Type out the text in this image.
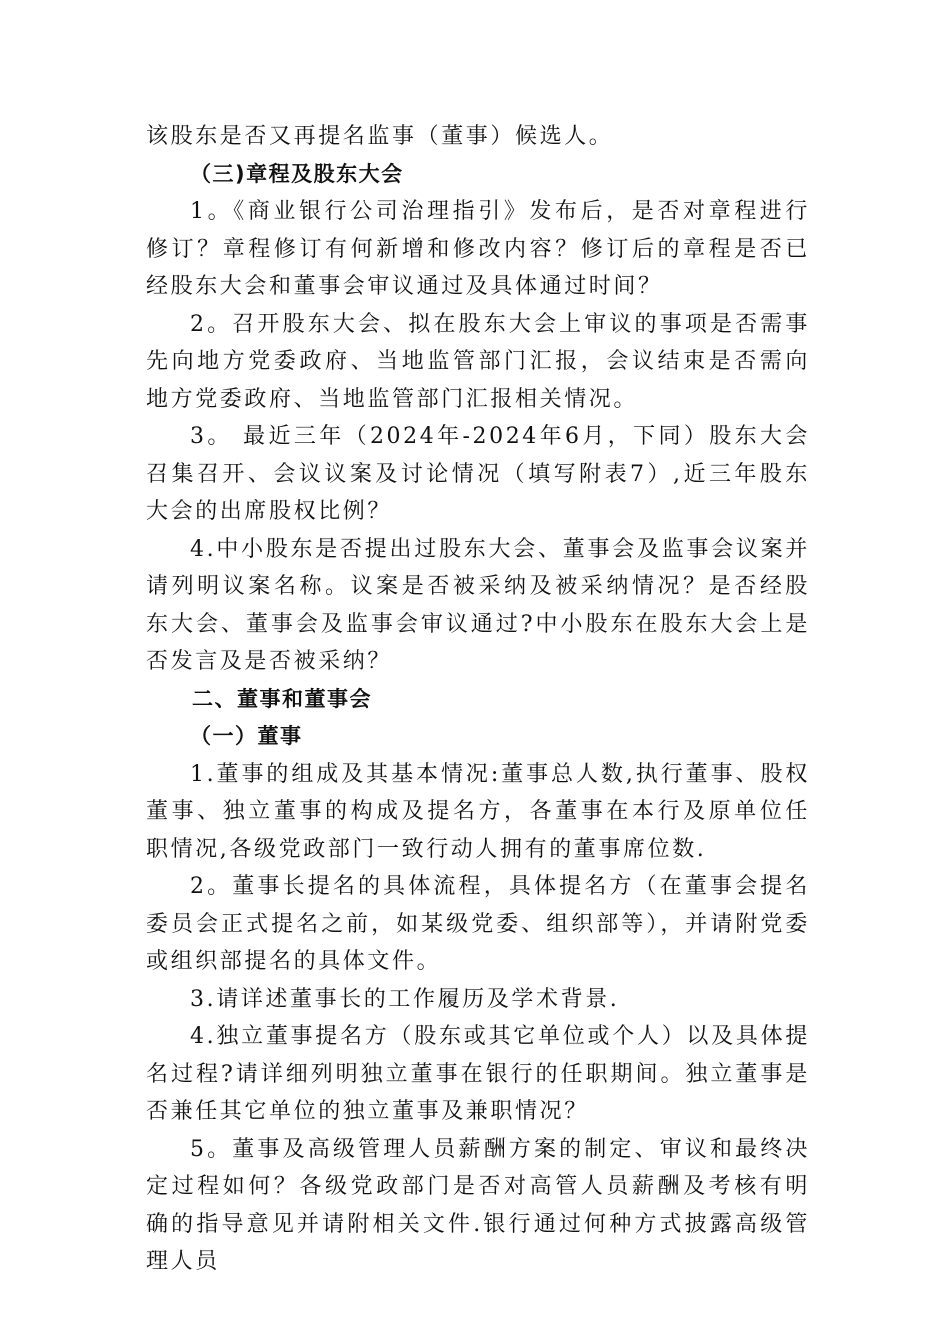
该股东是否又再提名监事（董事）候选人。

（三)章程及股东大会

1。《商业银行公司治理指引》发布后，是否对章程进行修订？章程修订有何新增和修改内容？修订后的章程是否已经股东大会和董事会审议通过及具体通过时间？

2。召开股东大会、拟在股东大会上审议的事项是否需事先向地方党委政府、当地监管部门汇报，会议结束是否需向地方党委政府、当地监管部门汇报相关情况。

3。 最近三年（2024年-2024年6月，下同）股东大会召集召开、会议议案及讨论情况（填写附表7）,近三年股东大会的出席股权比例？

4.中小股东是否提出过股东大会、董事会及监事会议案并请列明议案名称。议案是否被采纳及被采纳情况？是否经股东大会、董事会及监事会审议通过?中小股东在股东大会上是否发言及是否被采纳？

二、董事和董事会

（一）董事

1.董事的组成及其基本情况:董事总人数,执行董事、股权董事、独立董事的构成及提名方，各董事在本行及原单位任职情况,各级党政部门一致行动人拥有的董事席位数.

2。董事长提名的具体流程，具体提名方（在董事会提名委员会正式提名之前，如某级党委、组织部等），并请附党委或组织部提名的具体文件。

3.请详述董事长的工作履历及学术背景.

4.独立董事提名方（股东或其它单位或个人）以及具体提名过程?请详细列明独立董事在银行的任职期间。独立董事是否兼任其它单位的独立董事及兼职情况？

5。董事及高级管理人员薪酬方案的制定、审议和最终决定过程如何？各级党政部门是否对高管人员薪酬及考核有明确的指导意见并请附相关文件.银行通过何种方式披露高级管理人员
